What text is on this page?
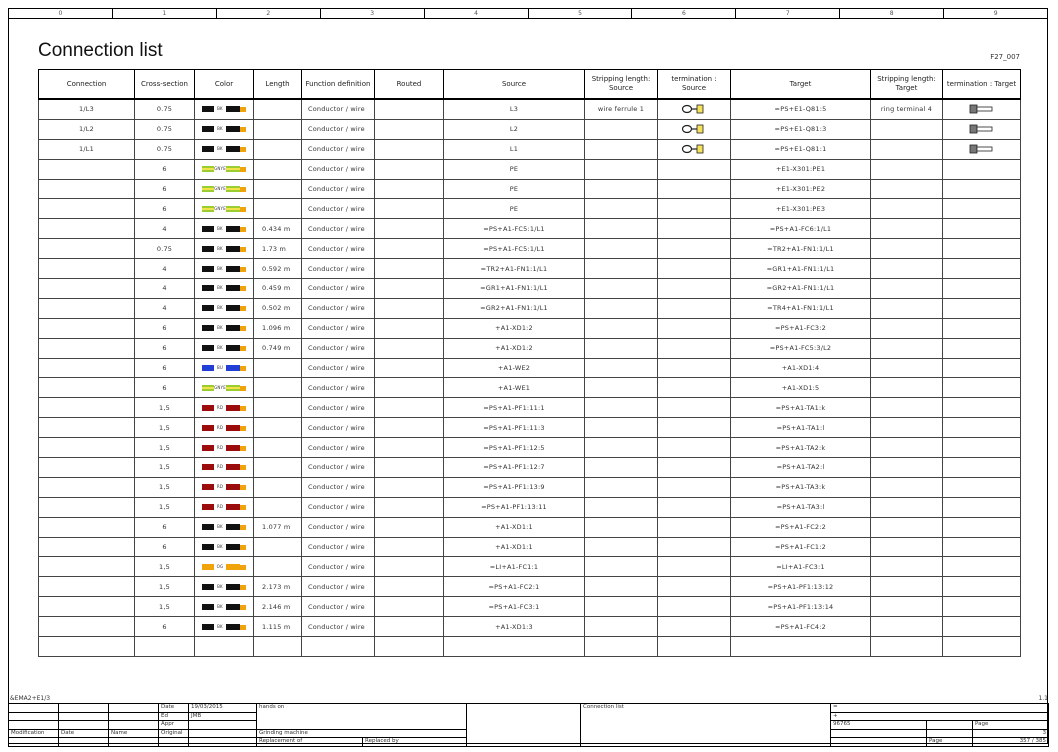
0	1	2	3	4	5	6	7	8	9
Connection list	F27_007
Connection	Cross-section	Color	Length	Function definition	Routed	Source	Stripping length: Source	termination : Source	Target	Stripping length: Target	termination : Target
1/L3	0.75	BK		Conductor / wire		L3	wire ferrule 1		=PS+E1-Q81:5	ring terminal 4	
1/L2	0.75	BK		Conductor / wire		L2			=PS+E1-Q81:3		
1/L1	0.75	BK		Conductor / wire		L1			=PS+E1-Q81:1		
	6	GNYE		Conductor / wire		PE			+E1-X301:PE1		
	6	GNYE		Conductor / wire		PE			+E1-X301:PE2		
	6	GNYE		Conductor / wire		PE			+E1-X301:PE3		
	4	BK	0.434 m	Conductor / wire		=PS+A1-FC5:1/L1			=PS+A1-FC6:1/L1		
	0.75	BK	1.73 m	Conductor / wire		=PS+A1-FC5:1/L1			=TR2+A1-FN1:1/L1		
	4	BK	0.592 m	Conductor / wire		=TR2+A1-FN1:1/L1			=GR1+A1-FN1:1/L1		
	4	BK	0.459 m	Conductor / wire		=GR1+A1-FN1:1/L1			=GR2+A1-FN1:1/L1		
	4	BK	0.502 m	Conductor / wire		=GR2+A1-FN1:1/L1			=TR4+A1-FN1:1/L1		
	6	BK	1.096 m	Conductor / wire		+A1-XD1:2			=PS+A1-FC3:2		
	6	BK	0.749 m	Conductor / wire		+A1-XD1:2			=PS+A1-FC5:3/L2		
	6	BU		Conductor / wire		+A1-WE2			+A1-XD1:4		
	6	GNYE		Conductor / wire		+A1-WE1			+A1-XD1:5		
	1,5	RD		Conductor / wire		=PS+A1-PF1:11:1			=PS+A1-TA1:k		
	1,5	RD		Conductor / wire		=PS+A1-PF1:11:3			=PS+A1-TA1:l		
	1,5	RD		Conductor / wire		=PS+A1-PF1:12:5			=PS+A1-TA2:k		
	1,5	RD		Conductor / wire		=PS+A1-PF1:12:7			=PS+A1-TA2:l		
	1,5	RD		Conductor / wire		=PS+A1-PF1:13:9			=PS+A1-TA3:k		
	1,5	RD		Conductor / wire		=PS+A1-PF1:13:11			=PS+A1-TA3:l		
	6	BK	1.077 m	Conductor / wire		+A1-XD1:1			=PS+A1-FC2:2		
	6	BK		Conductor / wire		+A1-XD1:1			=PS+A1-FC1:2		
	1,5	OG		Conductor / wire		=LI+A1-FC1:1			=LI+A1-FC3:1		
	1,5	BK	2.173 m	Conductor / wire		=PS+A1-FC2:1			=PS+A1-PF1:13:12		
	1,5	BK	2.146 m	Conductor / wire		=PS+A1-FC3:1			=PS+A1-PF1:13:14		
	6	BK	1.115 m	Conductor / wire		+A1-XD1:3			=PS+A1-FC4:2		

&EMA2+E1/3	1.1
			Date	19/03/2015	hands on			Connection list	=		
			Ed	JMB					+		
			Appr						96765		Page
Modification	Date	Name	Original		Grinding machine						3
					Replacement of	Replaced by				Page	357 / 385
